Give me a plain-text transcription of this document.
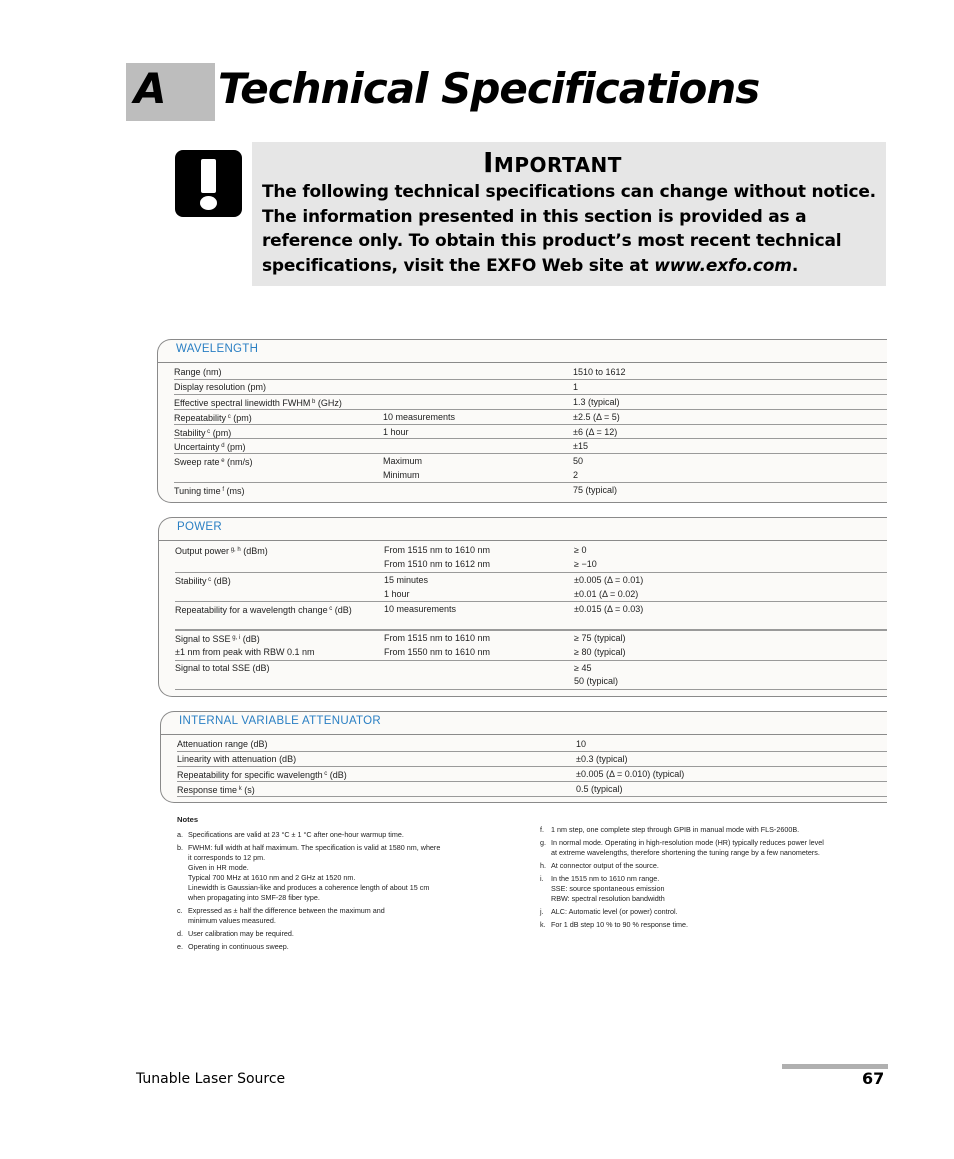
A Technical Specifications
Important
The following technical specifications can change without notice. The information presented in this section is provided as a reference only. To obtain this product’s most recent technical specifications, visit the EXFO Web site at www.exfo.com.
WAVELENGTH
Range (nm)	1510 to 1612
Display resolution (pm)	1
Effective spectral linewidth FWHM $^b$ (GHz)	1.3 (typical)
Repeatability $^c$ (pm)	10 measurements	±2.5 (Δ = 5)
Stability $^c$ (pm)	1 hour	±6 (Δ = 12)
Uncertainty $^d$ (pm)	±15
Sweep rate $^e$ (nm/s)	Maximum	50
Minimum	2
Tuning time $^f$ (ms)	75 (typical)
POWER
Output power $^{g, h}$ (dBm)	From 1515 nm to 1610 nm	≥ 0
From 1510 nm to 1612 nm	≥ −10
Stability $^c$ (dB)	15 minutes	±0.005 (Δ = 0.01)
1 hour	±0.01 (Δ = 0.02)
Repeatability for a wavelength change $^c$ (dB)	10 measurements	±0.015 (Δ = 0.03)
Signal to SSE $^{g, i}$ (dB)	From 1515 nm to 1610 nm	≥ 75 (typical)
±1 nm from peak with RBW 0.1 nm	From 1550 nm to 1610 nm	≥ 80 (typical)
Signal to total SSE (dB)	≥ 45
50 (typical)
INTERNAL VARIABLE ATTENUATOR
Attenuation range (dB)	10
Linearity with attenuation (dB)	±0.3 (typical)
Repeatability for specific wavelength $^c$ (dB)	±0.005 (Δ = 0.010) (typical)
Response time $^k$ (s)	0.5 (typical)
Notes
a. Specifications are valid at 23 °C ± 1 °C after one-hour warmup time.
b. FWHM: full width at half maximum. The specification is valid at 1580 nm, where
it corresponds to 12 pm.
Given in HR mode.
Typical 700 MHz at 1610 nm and 2 GHz at 1520 nm.
Linewidth is Gaussian-like and produces a coherence length of about 15 cm
when propagating into SMF-28 fiber type.
c. Expressed as ± half the difference between the maximum and
minimum values measured.
d. User calibration may be required.
e. Operating in continuous sweep.
f. 1 nm step, one complete step through GPIB in manual mode with FLS-2600B.
g. In normal mode. Operating in high-resolution mode (HR) typically reduces power level
at extreme wavelengths, therefore shortening the tuning range by a few nanometers.
h. At connector output of the source.
i.	In the 1515 nm to 1610 nm range.
SSE: source spontaneous emission
RBW: spectral resolution bandwidth
j.	ALC: Automatic level (or power) control.
k. For 1 dB step 10 % to 90 % response time.
Tunable Laser Source	67
